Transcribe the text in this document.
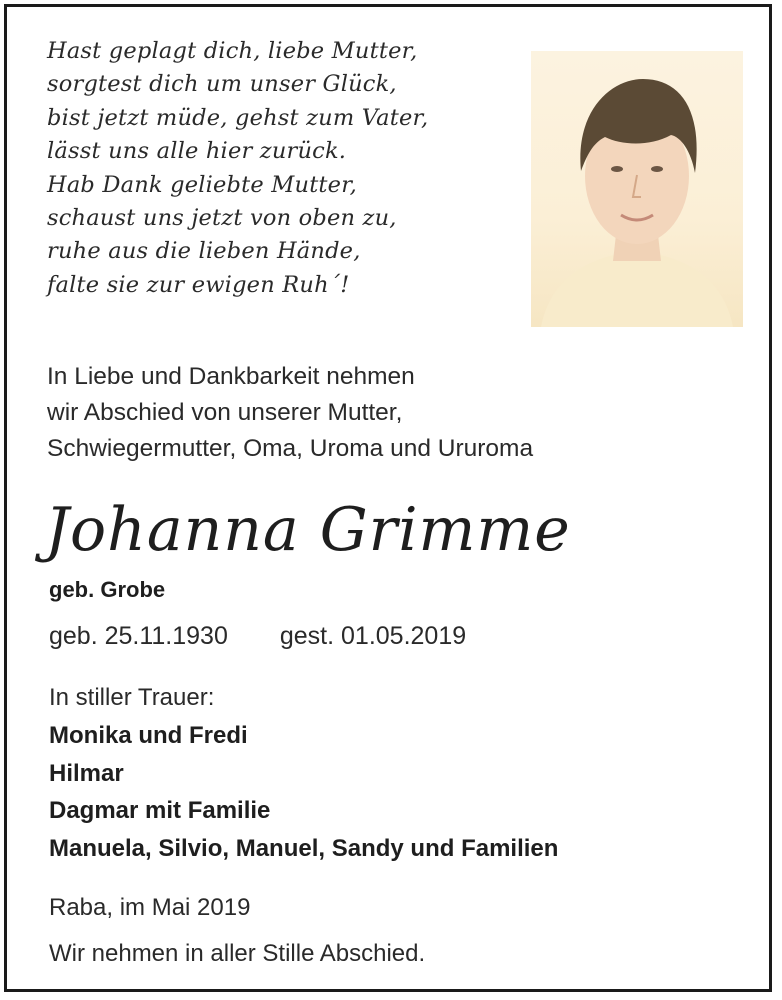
Hast geplagt dich, liebe Mutter,
sorgtest dich um unser Glück,
bist jetzt müde, gehst zum Vater,
lässt uns alle hier zurück.
Hab Dank geliebte Mutter,
schaust uns jetzt von oben zu,
ruhe aus die lieben Hände,
falte sie zur ewigen Ruh´!
In Liebe und Dankbarkeit nehmen
wir Abschied von unserer Mutter,
Schwiegermutter, Oma, Uroma und Ururoma
Johanna Grimme
geb. Grobe
geb. 25.11.1930 gest. 01.05.2019
In stiller Trauer:
Monika und Fredi
Hilmar
Dagmar mit Familie
Manuela, Silvio, Manuel, Sandy und Familien
Raba, im Mai 2019
Wir nehmen in aller Stille Abschied.
